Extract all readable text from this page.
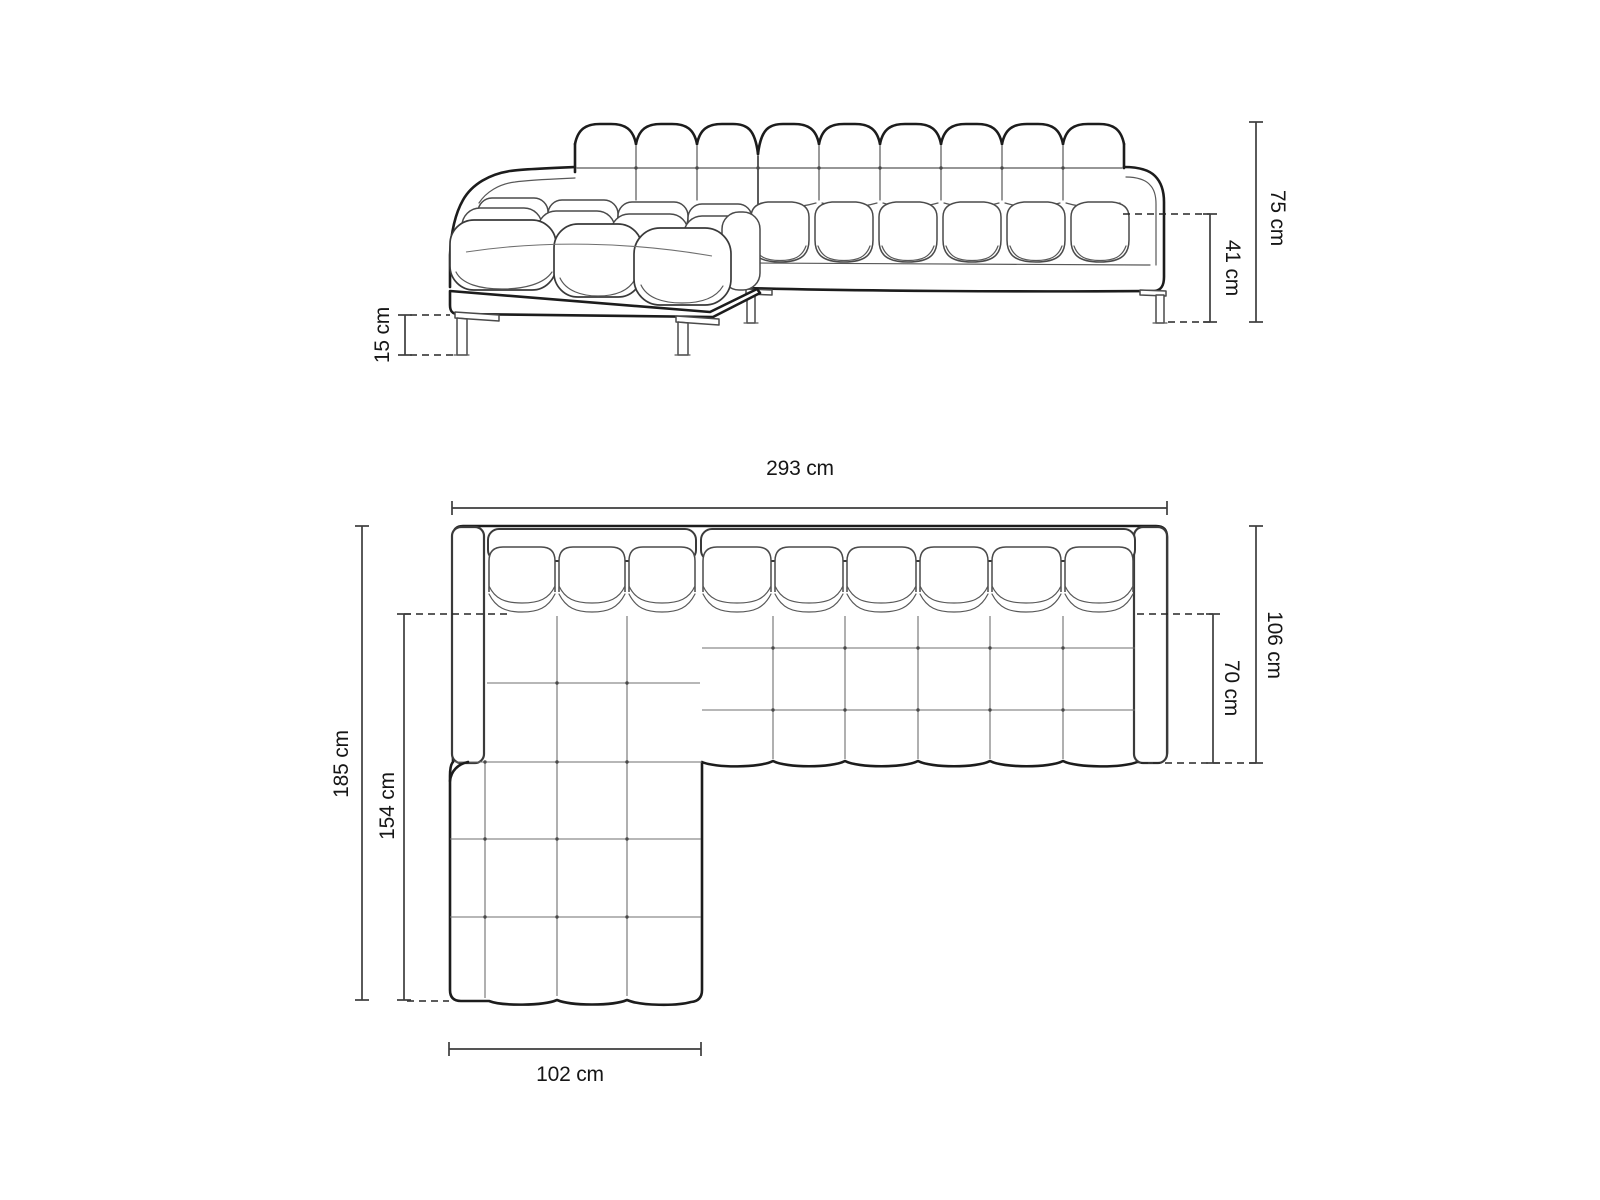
75 cm
41 cm
15 cm
293 cm
106 cm
70 cm
185 cm
154 cm
102 cm
